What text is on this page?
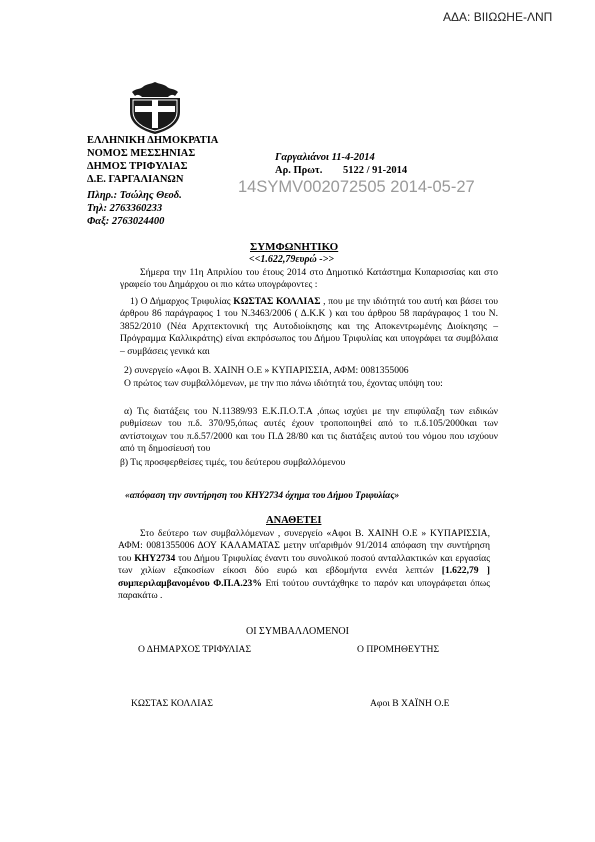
ΑΔΑ: ΒΙΙΩΩΗΕ-ΛΝΠ
ΕΛΛΗΝΙΚΗ ΔΗΜΟΚΡΑΤΙΑ
ΝΟΜΟΣ ΜΕΣΣΗΝΙΑΣ
ΔΗΜΟΣ ΤΡΙΦΥΛΙΑΣ
Δ.Ε. ΓΑΡΓΑΛΙΑΝΩΝ
Πληρ.: Τσώλης Θεοδ.
Τηλ: 2763360233
Φαξ: 2763024400
Γαργαλιάνοι 11-4-2014
Αρ. Πρωτ. 5122 / 91-2014
14SYMV002072505 2014-05-27
ΣΥΜΦΩΝΗΤΙΚΟ
<<1.622,79ευρώ ->>
Σήμερα την 11η Απριλίου του έτους 2014 στο Δημοτικό Κατάστημα Κυπαρισσίας και στο γραφείο του Δημάρχου οι πιο κάτω υπογράφοντες :
1) Ο Δήμαρχος Τριφυλίας ΚΩΣΤΑΣ ΚΟΛΛΙΑΣ , που με την ιδιότητά του αυτή και βάσει του άρθρου 86 παράγραφος 1 του Ν.3463/2006 ( Δ.Κ.Κ ) και του άρθρου 58 παράγραφος 1 του Ν. 3852/2010 (Νέα Αρχιτεκτονική της Αυτοδιοίκησης και της Αποκεντρωμένης Διοίκησης – Πρόγραμμα Καλλικράτης) είναι εκπρόσωπος του Δήμου Τριφυλίας και υπογράφει τα συμβόλαια – συμβάσεις γενικά και
2) συνεργείο «Αφοι Β. ΧΑΙΝΗ Ο.Ε » ΚΥΠΑΡΙΣΣΙΑ, ΑΦΜ: 0081355006
Ο πρώτος των συμβαλλόμενων, με την πιο πάνω ιδιότητά του, έχοντας υπόψη του:
α) Τις διατάξεις του Ν.11389/93 Ε.Κ.Π.Ο.Τ.Α ,όπως ισχύει με την επιφύλαξη των ειδικών ρυθμίσεων του π.δ. 370/95,όπως αυτές έχουν τροποποιηθεί από το π.δ.105/2000και των αντίστοιχων του π.δ.57/2000 και του Π.Δ 28/80 και τις διατάξεις αυτού του νόμου που ισχύουν από τη δημοσίευσή του
β) Τις προσφερθείσες τιμές, του δεύτερου συμβαλλόμενου
«απόφαση την συντήρηση του ΚΗΥ2734 όχημα του Δήμου Τριφυλίας»
ΑΝΑΘΕΤΕΙ
Στο δεύτερο των συμβαλλόμενων , συνεργείο «Αφοι Β. ΧΑΙΝΗ Ο.Ε » ΚΥΠΑΡΙΣΣΙΑ, ΑΦΜ: 0081355006 ΔΟΥ ΚΑΛΑΜΑΤΑΣ μετην υπ'αριθμόν 91/2014 απόφαση την συντήρηση του ΚΗΥ2734 του Δήμου Τριφυλίας έναντι του συνολικού ποσού ανταλλακτικών και εργασίας των χιλίων εξακοσίων είκοσι δύο ευρώ και εβδομήντα εννέα λεπτών [1.622,79 ] συμπεριλαμβανομένου Φ.Π.Α.23% Επί τούτου συντάχθηκε το παρόν και υπογράφεται όπως παρακάτω .
ΟΙ ΣΥΜΒΑΛΛΟΜΕΝΟΙ
Ο ΔΗΜΑΡΧΟΣ ΤΡΙΦΥΛΙΑΣ	Ο ΠΡΟΜΗΘΕΥΤΗΣ
ΚΩΣΤΑΣ ΚΟΛΛΙΑΣ	Αφοι Β ΧΑΪΝΗ Ο.Ε
